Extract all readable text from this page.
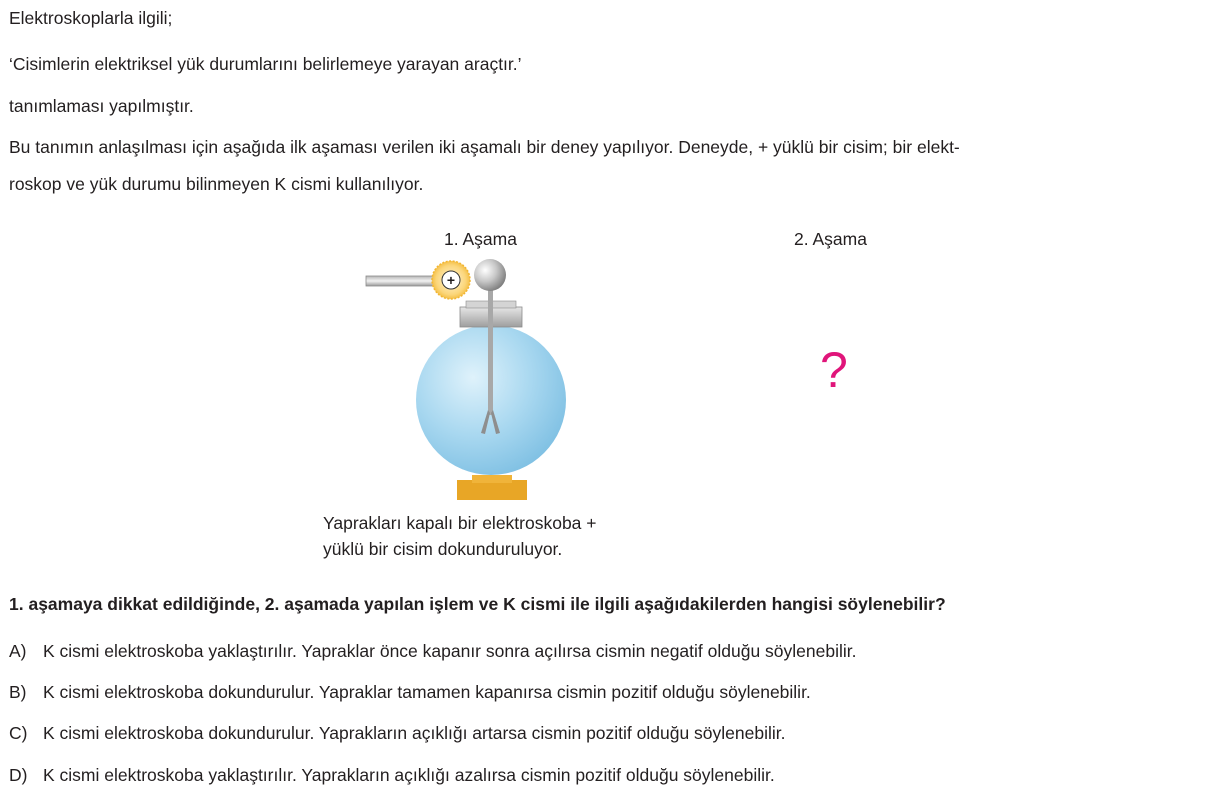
Elektroskoplarla ilgili;
‘Cisimlerin elektriksel yük durumlarını belirlemeye yarayan araçtır.’
tanımlaması yapılmıştır.
Bu tanımın anlaşılması için aşağıda ilk aşaması verilen iki aşamalı bir deney yapılıyor. Deneyde, + yüklü bir cisim; bir elekt-
roskop ve yük durumu bilinmeyen K cismi kullanılıyor.
1. Aşama	2. Aşama
+
?
Yaprakları kapalı bir elektroskoba +
yüklü bir cisim dokunduruluyor.
1. aşamaya dikkat edildiğinde, 2. aşamada yapılan işlem ve K cismi ile ilgili aşağıdakilerden hangisi söylenebilir?
A) K cismi elektroskoba yaklaştırılır. Yapraklar önce kapanır sonra açılırsa cismin negatif olduğu söylenebilir.
B) K cismi elektroskoba dokundurulur. Yapraklar tamamen kapanırsa cismin pozitif olduğu söylenebilir.
C) K cismi elektroskoba dokundurulur. Yaprakların açıklığı artarsa cismin pozitif olduğu söylenebilir.
D) K cismi elektroskoba yaklaştırılır. Yaprakların açıklığı azalırsa cismin pozitif olduğu söylenebilir.
